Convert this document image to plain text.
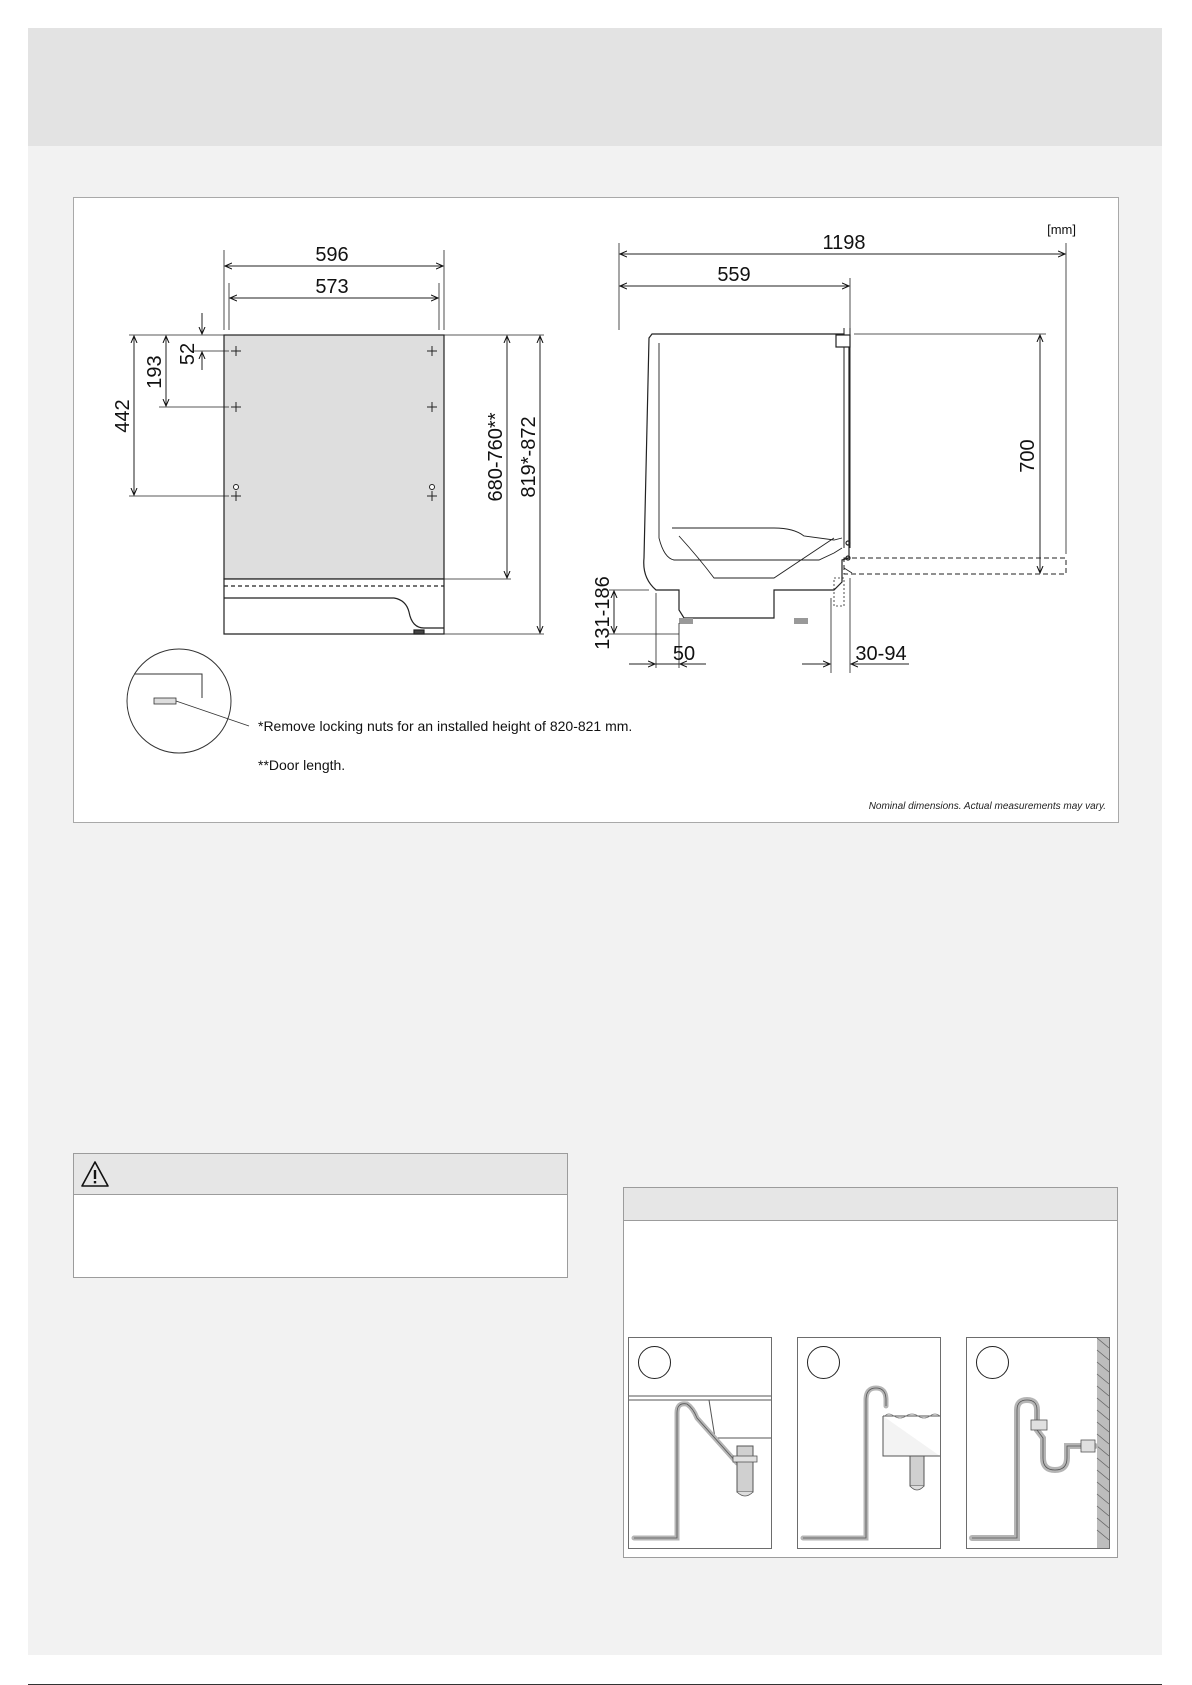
[mm]
596
573
52
193
442	680-760** 819*-872
1198
559
700
131-186
50	30-94
*Remove locking nuts for an installed height of 820-821 mm.
**Door length.
Nominal dimensions. Actual measurements may vary.
